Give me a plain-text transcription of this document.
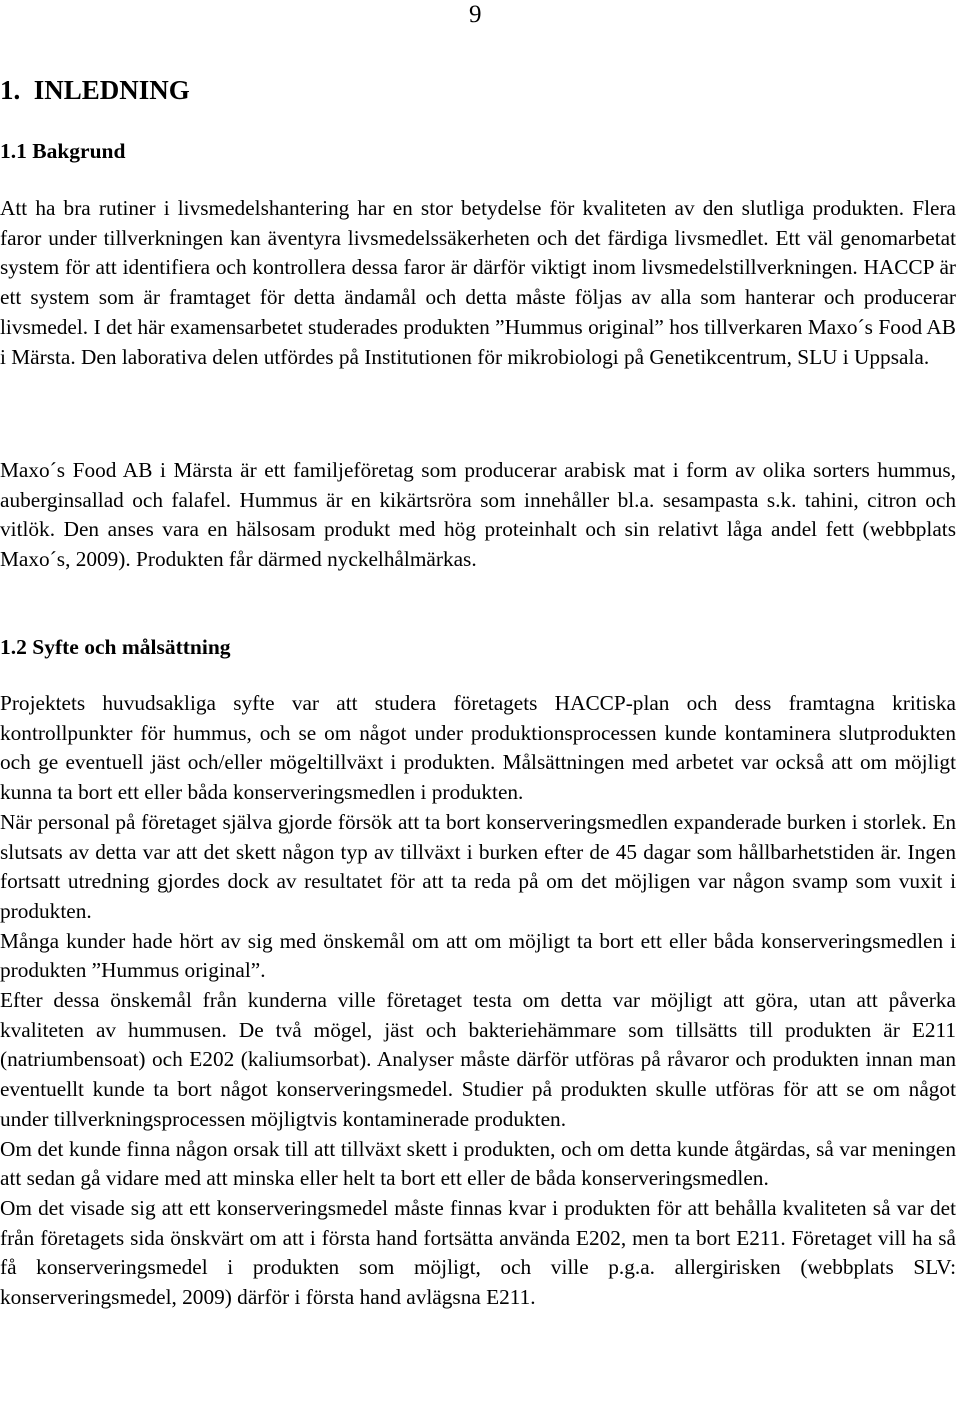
9
1. INLEDNING
1.1 Bakgrund

Att ha bra rutiner i livsmedelshantering har en stor betydelse för kvaliteten av den slutliga produkten. Flera faror under tillverkningen kan äventyra livsmedelssäkerheten och det färdiga livsmedlet. Ett väl genomarbetat system för att identifiera och kontrollera dessa faror är därför viktigt inom livsmedelstillverkningen. HACCP är ett system som är framtaget för detta ändamål och detta måste följas av alla som hanterar och producerar livsmedel. I det här examensarbetet studerades produkten ”Hummus original” hos tillverkaren Maxo´s Food AB i Märsta. Den laborativa delen utfördes på Institutionen för mikrobiologi på Genetikcentrum, SLU i Uppsala.

Maxo´s Food AB i Märsta är ett familjeföretag som producerar arabisk mat i form av olika sorters hummus, auberginsallad och falafel. Hummus är en kikärtsröra som innehåller bl.a. sesampasta s.k. tahini, citron och vitlök. Den anses vara en hälsosam produkt med hög proteinhalt och sin relativt låga andel fett (webbplats Maxo´s, 2009). Produkten får därmed nyckelhålmärkas.

1.2 Syfte och målsättning

Projektets huvudsakliga syfte var att studera företagets HACCP-plan och dess framtagna kritiska kontrollpunkter för hummus, och se om något under produktionsprocessen kunde kontaminera slutprodukten och ge eventuell jäst och/eller mögeltillväxt i produkten. Målsättningen med arbetet var också att om möjligt kunna ta bort ett eller båda konserveringsmedlen i produkten.

När personal på företaget själva gjorde försök att ta bort konserveringsmedlen expanderade burken i storlek. En slutsats av detta var att det skett någon typ av tillväxt i burken efter de 45 dagar som hållbarhetstiden är. Ingen fortsatt utredning gjordes dock av resultatet för att ta reda på om det möjligen var någon svamp som vuxit i produkten.

Många kunder hade hört av sig med önskemål om att om möjligt ta bort ett eller båda konserveringsmedlen i produkten ”Hummus original”.

Efter dessa önskemål från kunderna ville företaget testa om detta var möjligt att göra, utan att påverka kvaliteten av hummusen. De två mögel, jäst och bakteriehämmare som tillsätts till produkten är E211 (natriumbensoat) och E202 (kaliumsorbat). Analyser måste därför utföras på råvaror och produkten innan man eventuellt kunde ta bort något konserveringsmedel. Studier på produkten skulle utföras för att se om något under tillverkningsprocessen möjligtvis kontaminerade produkten.

Om det kunde finna någon orsak till att tillväxt skett i produkten, och om detta kunde åtgärdas, så var meningen att sedan gå vidare med att minska eller helt ta bort ett eller de båda konserveringsmedlen.

Om det visade sig att ett konserveringsmedel måste finnas kvar i produkten för att behålla kvaliteten så var det från företagets sida önskvärt om att i första hand fortsätta använda E202, men ta bort E211. Företaget vill ha så få konserveringsmedel i produkten som möjligt, och ville p.g.a. allergirisken (webbplats SLV: konserveringsmedel, 2009) därför i första hand avlägsna E211.
